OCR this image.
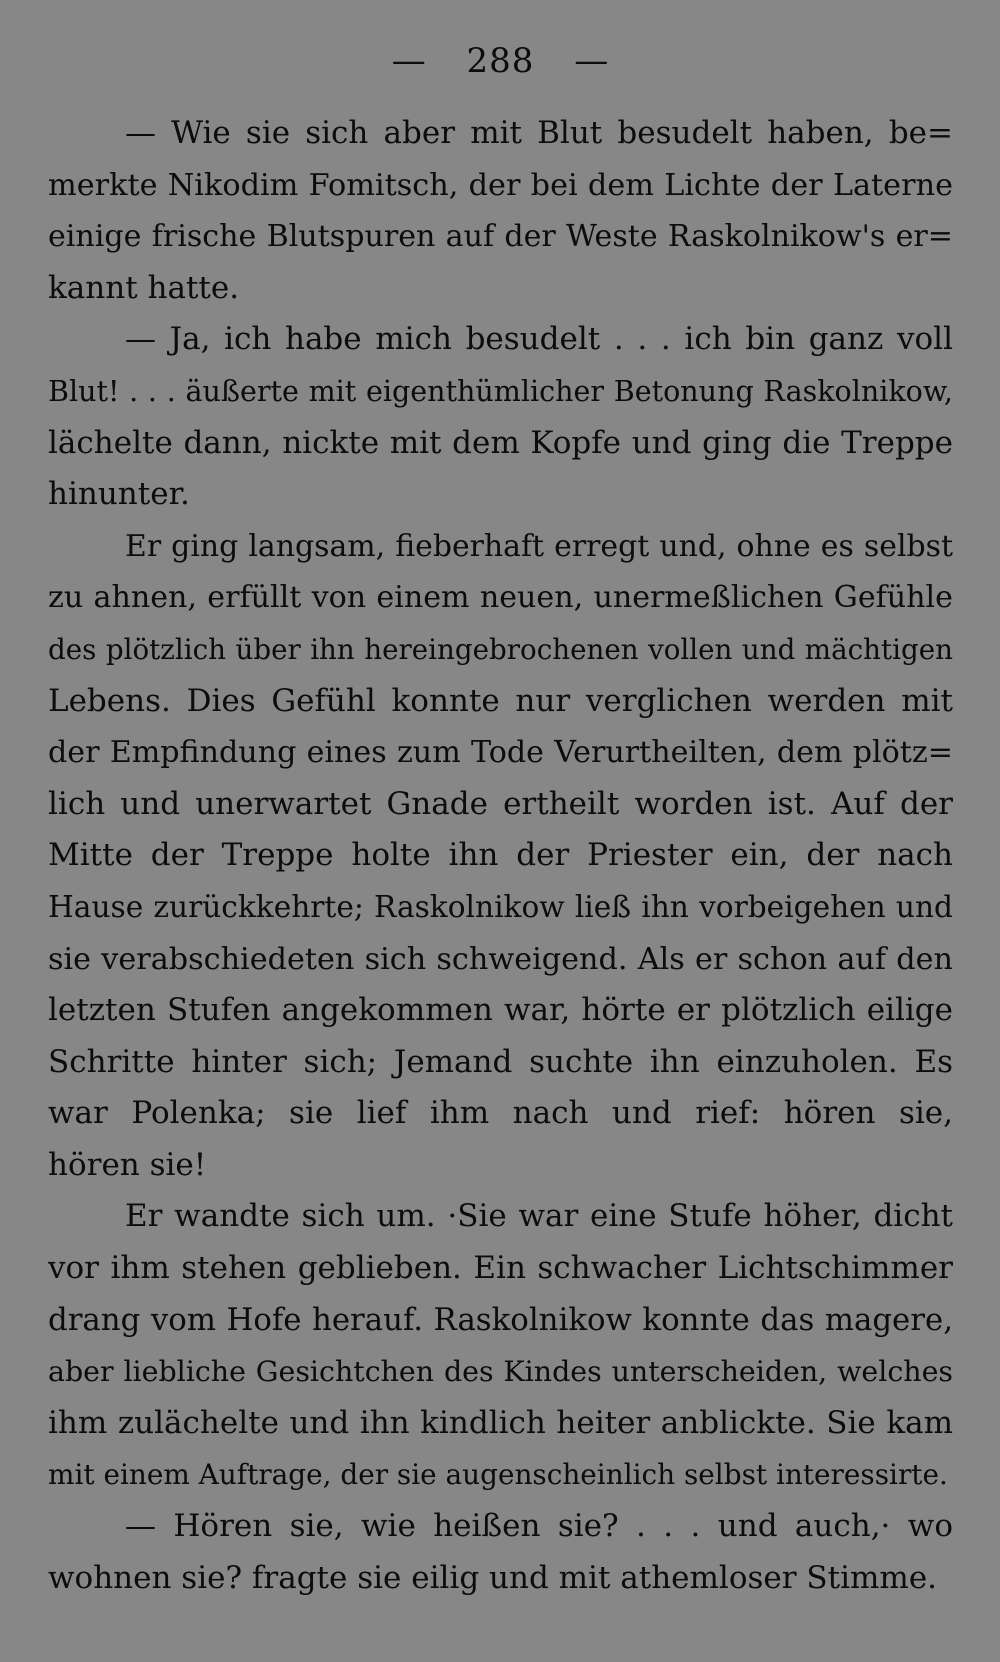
— 288 —

— Wie sie sich aber mit Blut besudelt haben, be=
merkte Nikodim Fomitsch, der bei dem Lichte der Laterne
einige frische Blutspuren auf der Weste Raskolnikow's er=
kannt hatte.

— Ja, ich habe mich besudelt . . . ich bin ganz voll
Blut! . . . äußerte mit eigenthümlicher Betonung Raskolnikow,
lächelte dann, nickte mit dem Kopfe und ging die Treppe
hinunter.

Er ging langsam, fieberhaft erregt und, ohne es selbst
zu ahnen, erfüllt von einem neuen, unermeßlichen Gefühle
des plötzlich über ihn hereingebrochenen vollen und mächtigen
Lebens. Dies Gefühl konnte nur verglichen werden mit
der Empfindung eines zum Tode Verurtheilten, dem plötz=
lich und unerwartet Gnade ertheilt worden ist. Auf der
Mitte der Treppe holte ihn der Priester ein, der nach
Hause zurückkehrte; Raskolnikow ließ ihn vorbeigehen und
sie verabschiedeten sich schweigend. Als er schon auf den
letzten Stufen angekommen war, hörte er plötzlich eilige
Schritte hinter sich; Jemand suchte ihn einzuholen. Es
war Polenka; sie lief ihm nach und rief: hören sie,
hören sie!

Er wandte sich um. ·Sie war eine Stufe höher, dicht
vor ihm stehen geblieben. Ein schwacher Lichtschimmer
drang vom Hofe herauf. Raskolnikow konnte das magere,
aber liebliche Gesichtchen des Kindes unterscheiden, welches
ihm zulächelte und ihn kindlich heiter anblickte. Sie kam
mit einem Auftrage, der sie augenscheinlich selbst interessirte.

— Hören sie, wie heißen sie? . . . und auch,· wo
wohnen sie? fragte sie eilig und mit athemloser Stimme.
